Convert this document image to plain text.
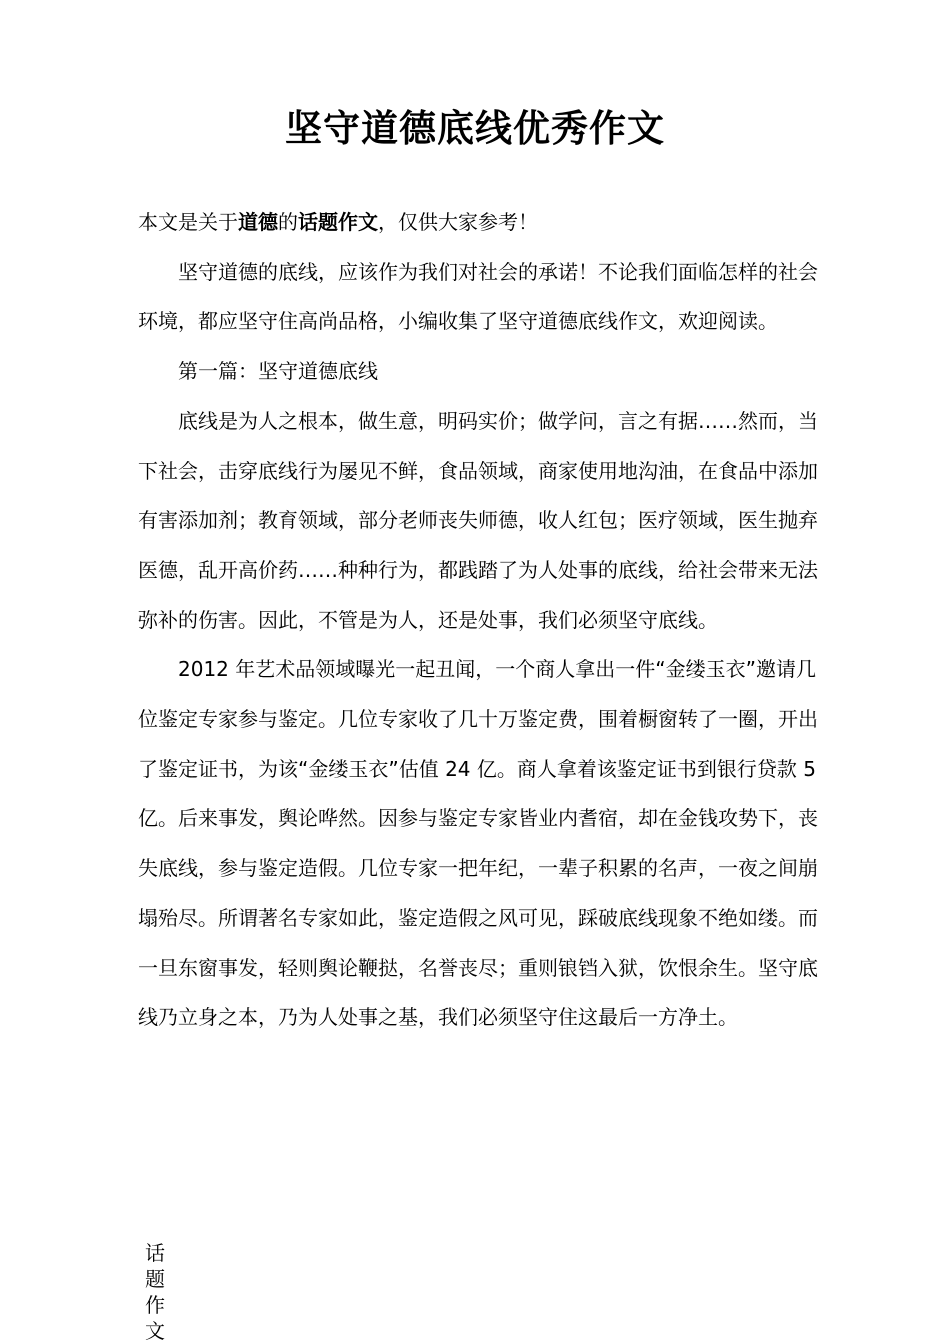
坚守道德底线优秀作文

本文是关于道德的话题作文，仅供大家参考！

坚守道德的底线，应该作为我们对社会的承诺！不论我们面临怎样的社会环境，都应坚守住高尚品格，小编收集了坚守道德底线作文，欢迎阅读。

第一篇：坚守道德底线

底线是为人之根本，做生意，明码实价；做学问，言之有据……然而，当下社会，击穿底线行为屡见不鲜，食品领域，商家使用地沟油，在食品中添加有害添加剂；教育领域，部分老师丧失师德，收人红包；医疗领域，医生抛弃医德，乱开高价药……种种行为，都践踏了为人处事的底线，给社会带来无法弥补的伤害。因此，不管是为人，还是处事，我们必须坚守底线。

2012 年艺术品领域曝光一起丑闻，一个商人拿出一件“金缕玉衣”邀请几位鉴定专家参与鉴定。几位专家收了几十万鉴定费，围着橱窗转了一圈，开出了鉴定证书，为该“金缕玉衣”估值 24 亿。商人拿着该鉴定证书到银行贷款 5 亿。后来事发，舆论哗然。因参与鉴定专家皆业内耆宿，却在金钱攻势下，丧失底线，参与鉴定造假。几位专家一把年纪，一辈子积累的名声，一夜之间崩塌殆尽。所谓著名专家如此，鉴定造假之风可见，踩破底线现象不绝如缕。而一旦东窗事发，轻则舆论鞭挞，名誉丧尽；重则锒铛入狱，饮恨余生。坚守底线乃立身之本，乃为人处事之基，我们必须坚守住这最后一方净土。

话
题
作
文
